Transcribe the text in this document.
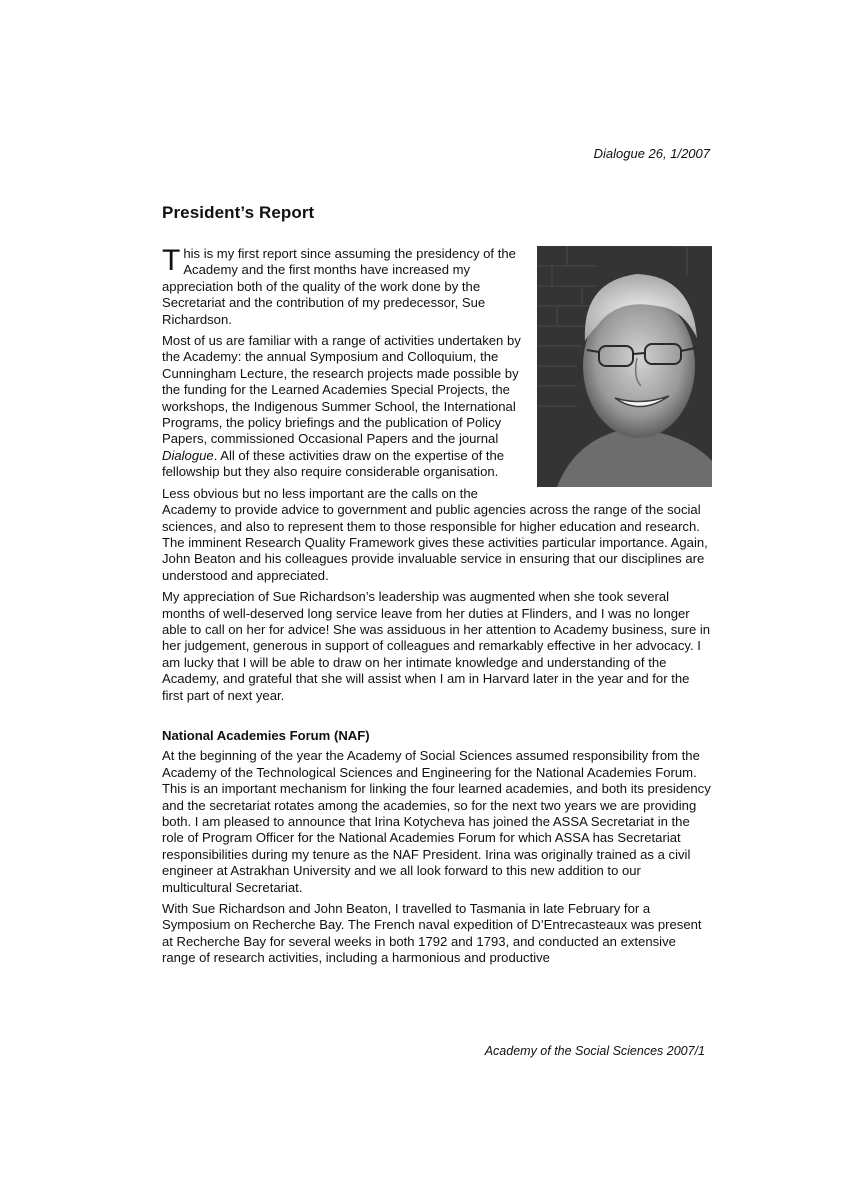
Dialogue 26, 1/2007
President’s Report

This is my first report since assuming the presidency of the Academy and the first months have increased my appreciation both of the quality of the work done by the Secretariat and the contribution of my predecessor, Sue Richardson.

Most of us are familiar with a range of activities undertaken by the Academy: the annual Symposium and Colloquium, the Cunningham Lecture, the research projects made possible by the funding for the Learned Academies Special Projects, the workshops, the Indigenous Summer School, the International Programs, the policy briefings and the publication of Policy Papers, commissioned Occasional Papers and the journal Dialogue. All of these activities draw on the expertise of the fellowship but they also require considerable organisation.

Less obvious but no less important are the calls on the Academy to provide advice to government and public agencies across the range of the social sciences, and also to represent them to those responsible for higher education and research. The imminent Research Quality Framework gives these activities particular importance. Again, John Beaton and his colleagues provide invaluable service in ensuring that our disciplines are understood and appreciated.

My appreciation of Sue Richardson’s leadership was augmented when she took several months of well-deserved long service leave from her duties at Flinders, and I was no longer able to call on her for advice! She was assiduous in her attention to Academy business, sure in her judgement, generous in support of colleagues and remarkably effective in her advocacy. I am lucky that I will be able to draw on her intimate knowledge and understanding of the Academy, and grateful that she will assist when I am in Harvard later in the year and for the first part of next year.

National Academies Forum (NAF)

At the beginning of the year the Academy of Social Sciences assumed responsibility from the Academy of the Technological Sciences and Engineering for the National Academies Forum. This is an important mechanism for linking the four learned academies, and both its presidency and the secretariat rotates among the academies, so for the next two years we are providing both. I am pleased to announce that Irina Kotycheva has joined the ASSA Secretariat in the role of Program Officer for the National Academies Forum for which ASSA has Secretariat responsibilities during my tenure as the NAF President. Irina was originally trained as a civil engineer at Astrakhan University and we all look forward to this new addition to our multicultural Secretariat.

With Sue Richardson and John Beaton, I travelled to Tasmania in late February for a Symposium on Recherche Bay. The French naval expedition of D’Entrecasteaux was present at Recherche Bay for several weeks in both 1792 and 1793, and conducted an extensive range of research activities, including a harmonious and productive

Academy of the Social Sciences 2007/1
